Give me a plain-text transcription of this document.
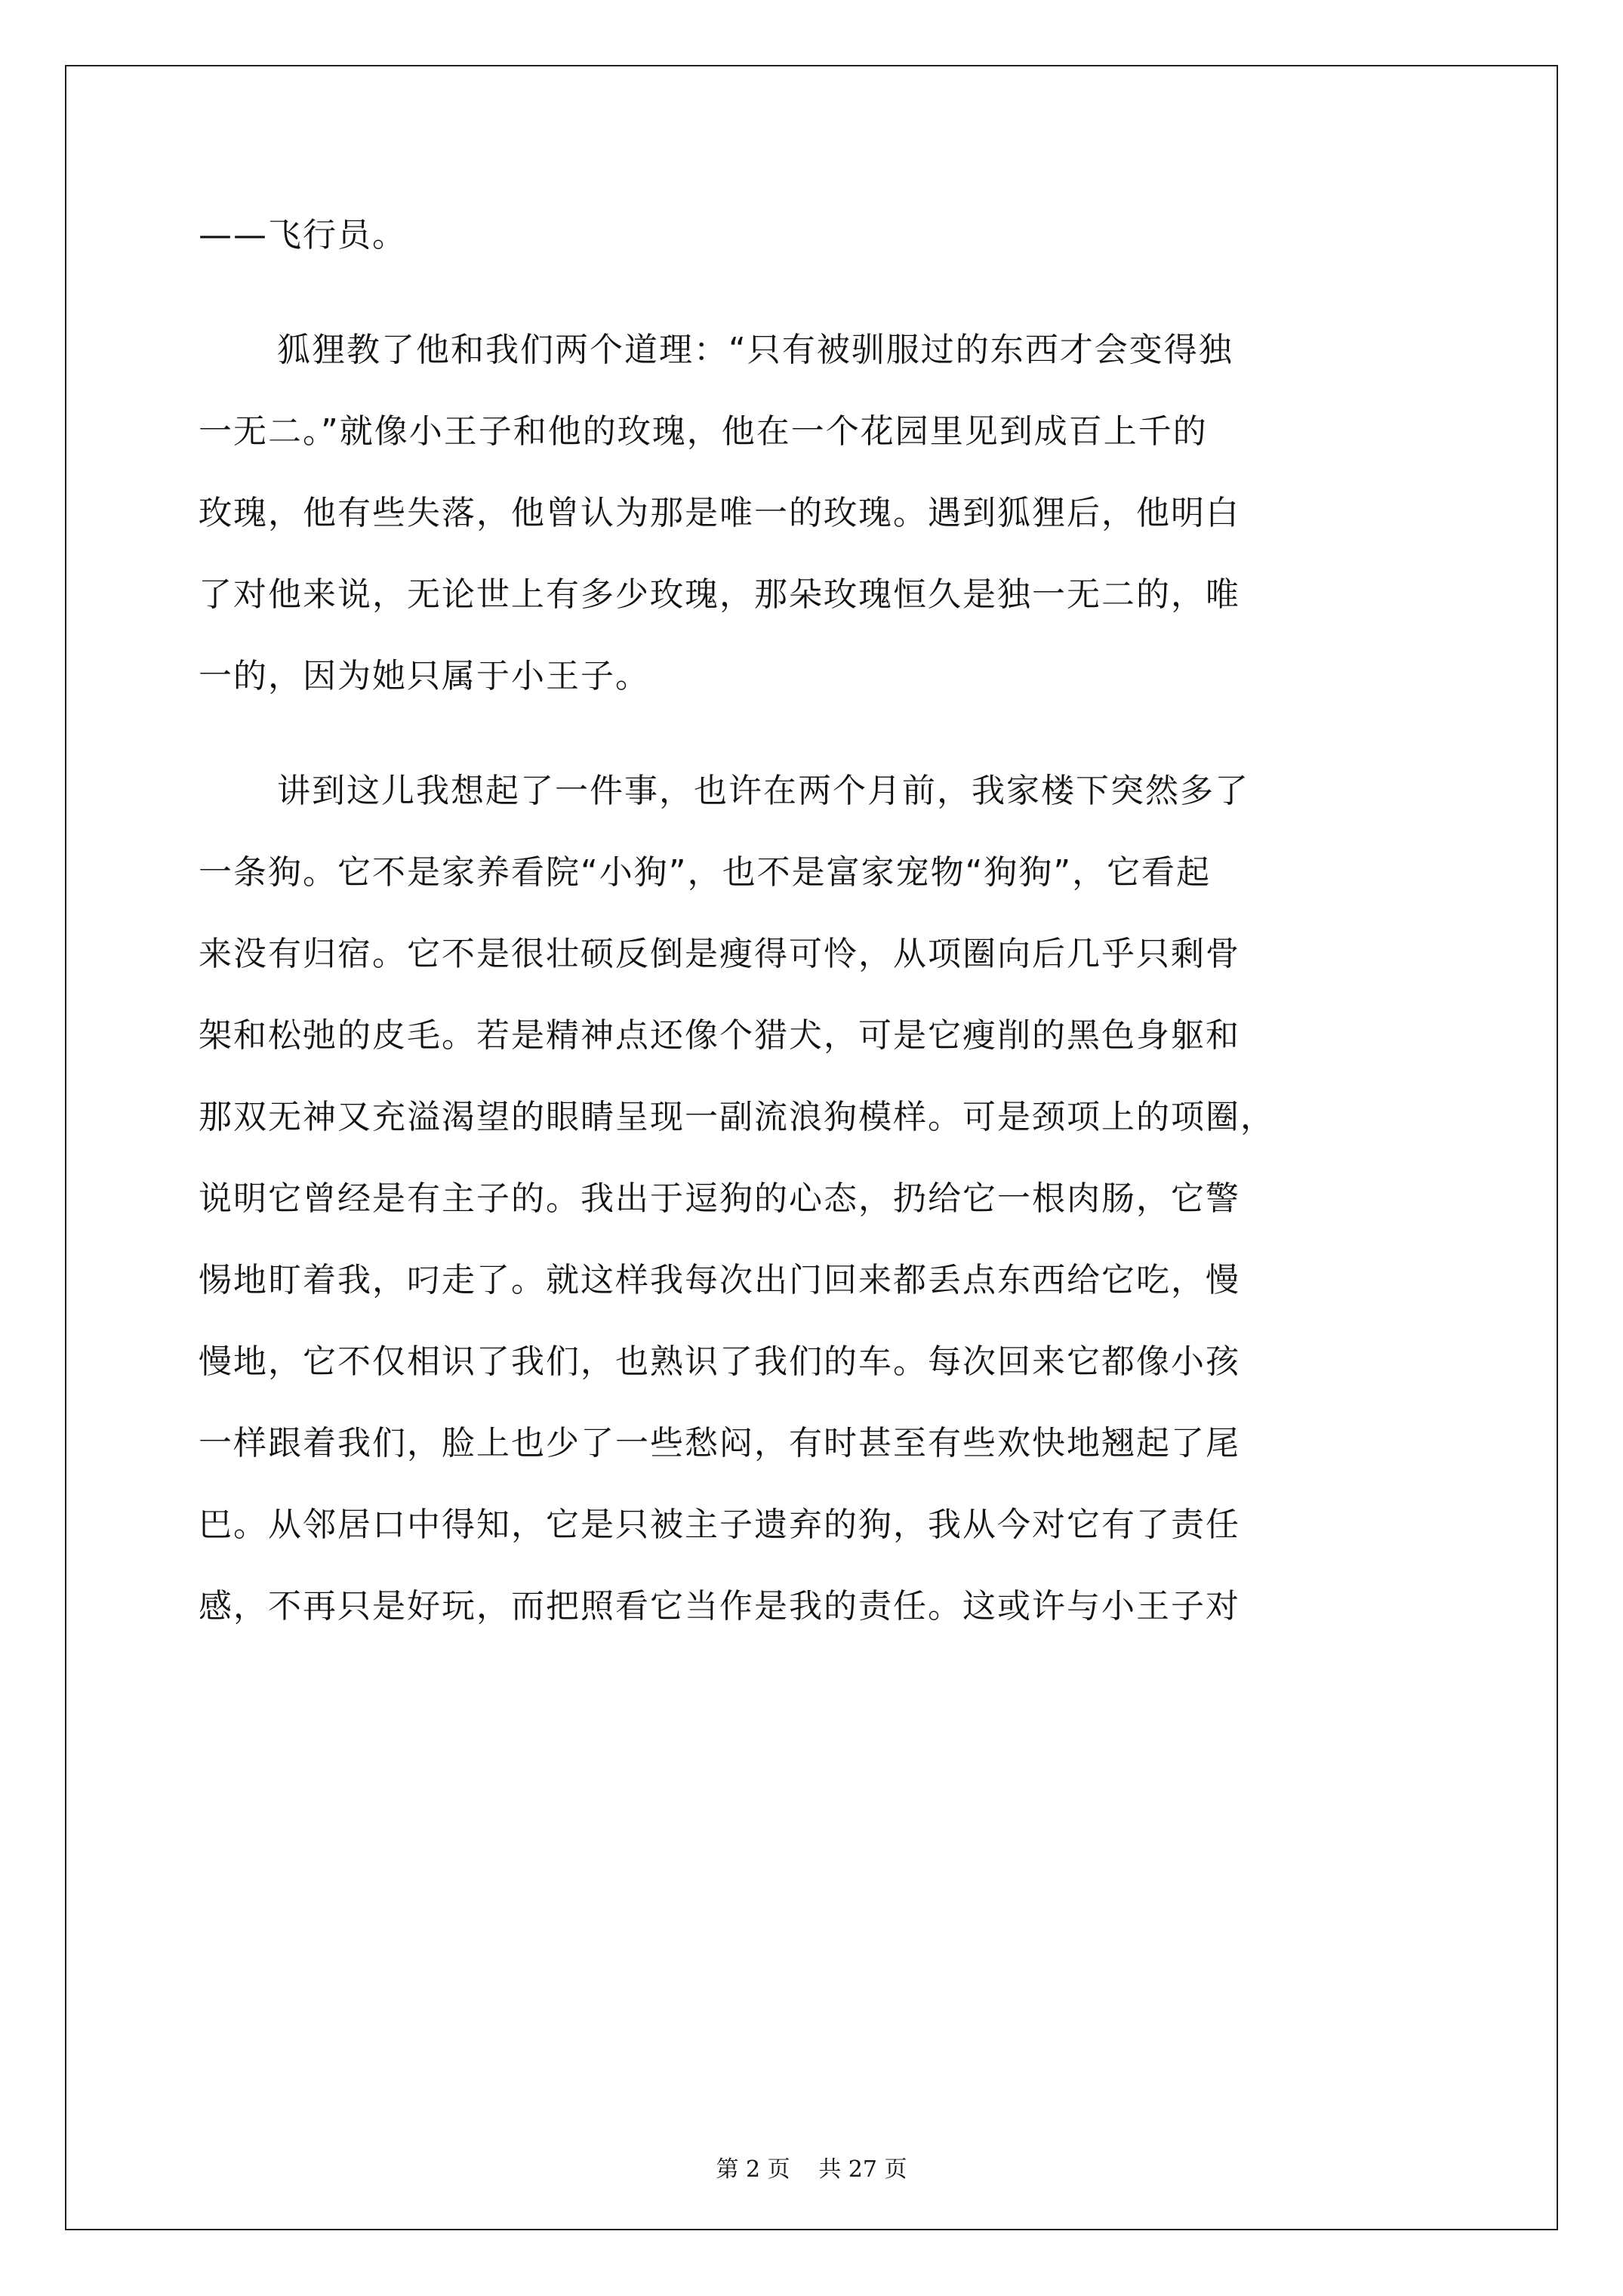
——飞行员。
狐狸教了他和我们两个道理：“只有被驯服过的东西才会变得独
一无二。”就像小王子和他的玫瑰，他在一个花园里见到成百上千的
玫瑰，他有些失落，他曾认为那是唯一的玫瑰。遇到狐狸后，他明白
了对他来说，无论世上有多少玫瑰，那朵玫瑰恒久是独一无二的，唯
一的，因为她只属于小王子。
讲到这儿我想起了一件事，也许在两个月前，我家楼下突然多了
一条狗。它不是家养看院“小狗”，也不是富家宠物“狗狗”，它看起
来没有归宿。它不是很壮硕反倒是瘦得可怜，从项圈向后几乎只剩骨
架和松弛的皮毛。若是精神点还像个猎犬，可是它瘦削的黑色身躯和
那双无神又充溢渴望的眼睛呈现一副流浪狗模样。可是颈项上的项圈，
说明它曾经是有主子的。我出于逗狗的心态，扔给它一根肉肠，它警
惕地盯着我，叼走了。就这样我每次出门回来都丢点东西给它吃，慢
慢地，它不仅相识了我们，也熟识了我们的车。每次回来它都像小孩
一样跟着我们，脸上也少了一些愁闷，有时甚至有些欢快地翘起了尾
巴。从邻居口中得知，它是只被主子遗弃的狗，我从今对它有了责任
感，不再只是好玩，而把照看它当作是我的责任。这或许与小王子对
第 2 页 共 27 页
